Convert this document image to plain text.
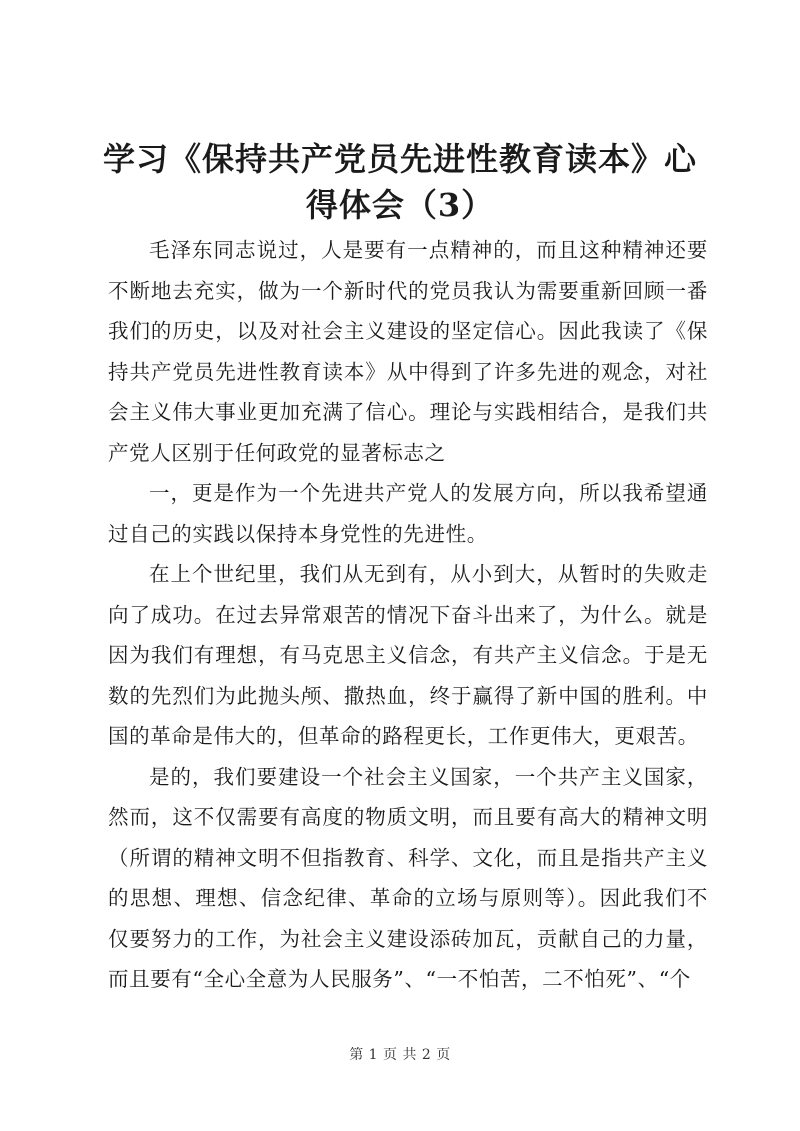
学习《保持共产党员先进性教育读本》心得体会（3）

毛泽东同志说过，人是要有一点精神的，而且这种精神还要不断地去充实，做为一个新时代的党员我认为需要重新回顾一番我们的历史，以及对社会主义建设的坚定信心。因此我读了《保持共产党员先进性教育读本》从中得到了许多先进的观念，对社会主义伟大事业更加充满了信心。理论与实践相结合，是我们共产党人区别于任何政党的显著标志之

一，更是作为一个先进共产党人的发展方向，所以我希望通过自己的实践以保持本身党性的先进性。

在上个世纪里，我们从无到有，从小到大，从暂时的失败走向了成功。在过去异常艰苦的情况下奋斗出来了，为什么。就是因为我们有理想，有马克思主义信念，有共产主义信念。于是无数的先烈们为此抛头颅、撒热血，终于赢得了新中国的胜利。中国的革命是伟大的，但革命的路程更长，工作更伟大，更艰苦。

是的，我们要建设一个社会主义国家，一个共产主义国家，然而，这不仅需要有高度的物质文明，而且要有高大的精神文明（所谓的精神文明不但指教育、科学、文化，而且是指共产主义的思想、理想、信念纪律、革命的立场与原则等）。因此我们不仅要努力的工作，为社会主义建设添砖加瓦，贡献自己的力量，而且要有“全心全意为人民服务”、“一不怕苦，二不怕死”、“个

第 1 页 共 2 页
